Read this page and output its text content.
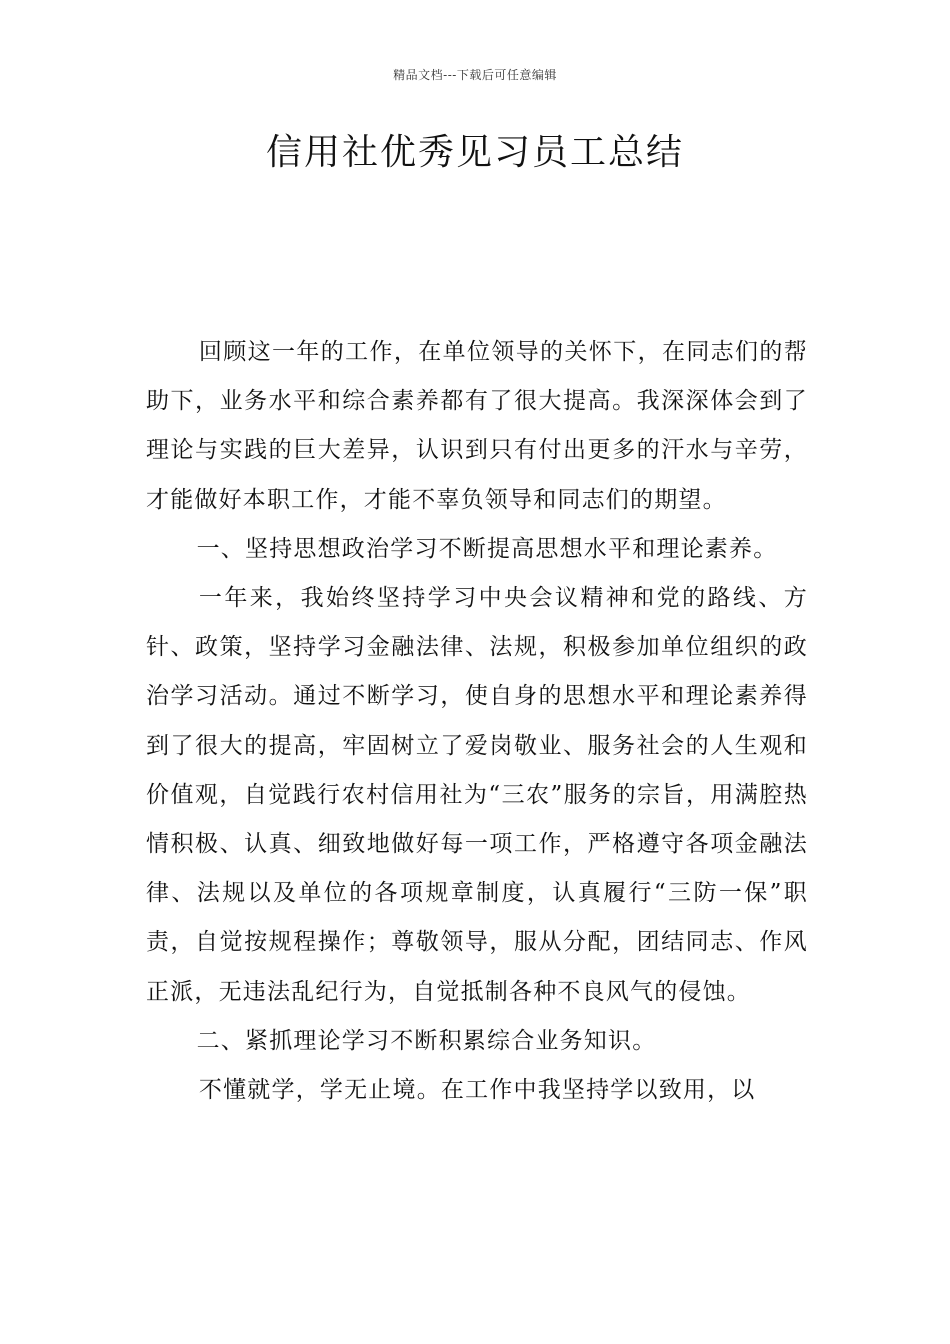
精品文档---下载后可任意编辑
信用社优秀见习员工总结

回顾这一年的工作，在单位领导的关怀下，在同志们的帮助下，业务水平和综合素养都有了很大提高。我深深体会到了理论与实践的巨大差异，认识到只有付出更多的汗水与辛劳，才能做好本职工作，才能不辜负领导和同志们的期望。

一、坚持思想政治学习不断提高思想水平和理论素养。

一年来，我始终坚持学习中央会议精神和党的路线、方针、政策，坚持学习金融法律、法规，积极参加单位组织的政治学习活动。通过不断学习，使自身的思想水平和理论素养得到了很大的提高，牢固树立了爱岗敬业、服务社会的人生观和价值观，自觉践行农村信用社为“三农”服务的宗旨，用满腔热情积极、认真、细致地做好每一项工作，严格遵守各项金融法律、法规以及单位的各项规章制度，认真履行“三防一保”职责，自觉按规程操作；尊敬领导，服从分配，团结同志、作风正派，无违法乱纪行为，自觉抵制各种不良风气的侵蚀。

二、紧抓理论学习不断积累综合业务知识。

不懂就学，学无止境。在工作中我坚持学以致用，以
